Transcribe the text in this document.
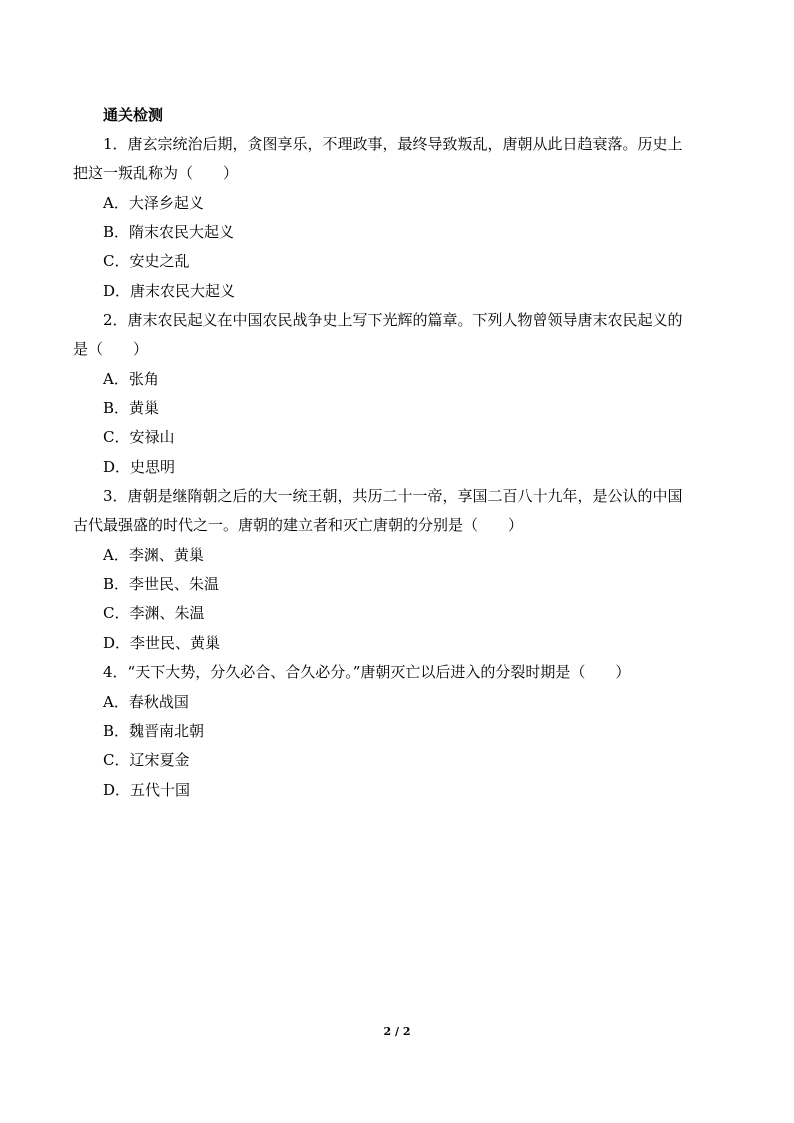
通关检测
1．唐玄宗统治后期，贪图享乐，不理政事，最终导致叛乱，唐朝从此日趋衰落。历史上
把这一叛乱称为（　　）
A．大泽乡起义
B．隋末农民大起义
C．安史之乱
D．唐末农民大起义
2．唐末农民起义在中国农民战争史上写下光辉的篇章。下列人物曾领导唐末农民起义的
是（　　）
A．张角
B．黄巢
C．安禄山
D．史思明
3．唐朝是继隋朝之后的大一统王朝，共历二十一帝，享国二百八十九年，是公认的中国
古代最强盛的时代之一。唐朝的建立者和灭亡唐朝的分别是（　　）
A．李渊、黄巢
B．李世民、朱温
C．李渊、朱温
D．李世民、黄巢
4．“天下大势，分久必合、合久必分。”唐朝灭亡以后进入的分裂时期是（　　）
A．春秋战国
B．魏晋南北朝
C．辽宋夏金
D．五代十国
2 / 2
